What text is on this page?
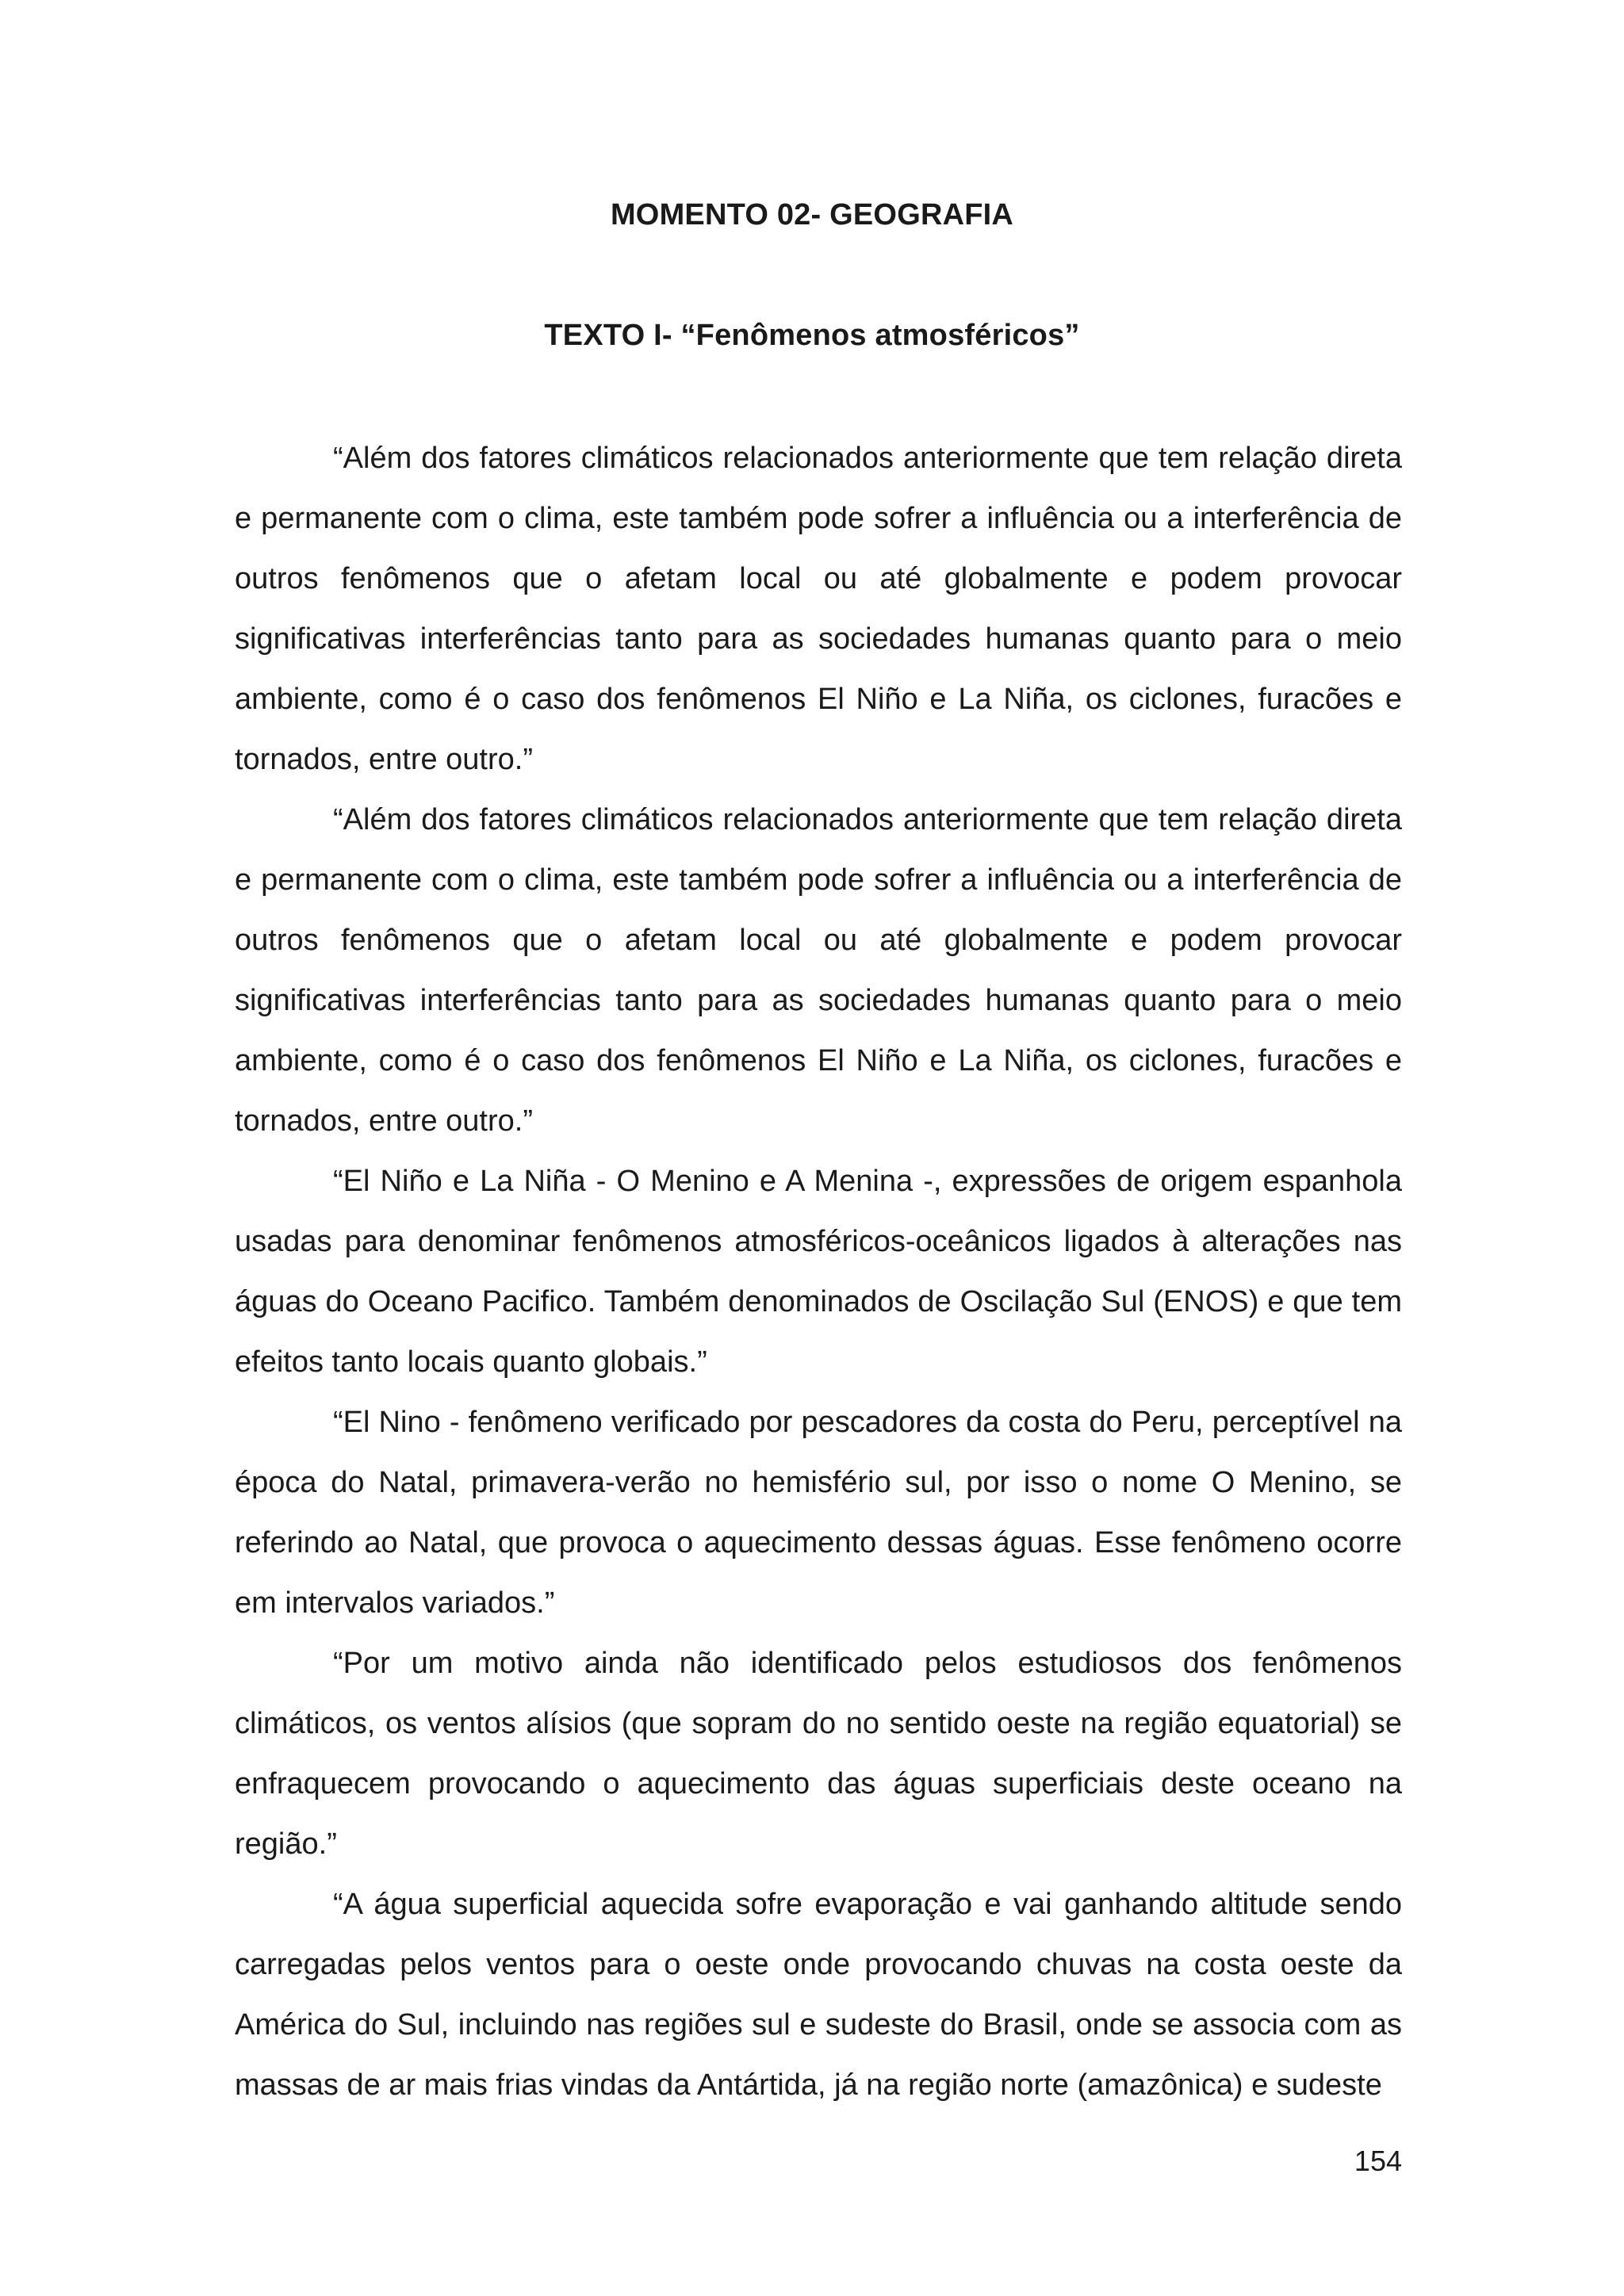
MOMENTO 02- GEOGRAFIA
TEXTO I- “Fenômenos atmosféricos”

“Além dos fatores climáticos relacionados anteriormente que tem relação direta e permanente com o clima, este também pode sofrer a influência ou a interferência de outros fenômenos que o afetam local ou até globalmente e podem provocar significativas interferências tanto para as sociedades humanas quanto para o meio ambiente, como é o caso dos fenômenos El Niño e La Niña, os ciclones, furacões e tornados, entre outro.”

“Além dos fatores climáticos relacionados anteriormente que tem relação direta e permanente com o clima, este também pode sofrer a influência ou a interferência de outros fenômenos que o afetam local ou até globalmente e podem provocar significativas interferências tanto para as sociedades humanas quanto para o meio ambiente, como é o caso dos fenômenos El Niño e La Niña, os ciclones, furacões e tornados, entre outro.”

“El Niño e La Niña - O Menino e A Menina -, expressões de origem espanhola usadas para denominar fenômenos atmosféricos-oceânicos ligados à alterações nas águas do Oceano Pacifico. Também denominados de Oscilação Sul (ENOS) e que tem efeitos tanto locais quanto globais.”

“El Nino - fenômeno verificado por pescadores da costa do Peru, perceptível na época do Natal, primavera-verão no hemisfério sul, por isso o nome O Menino, se referindo ao Natal, que provoca o aquecimento dessas águas. Esse fenômeno ocorre em intervalos variados.”

“Por um motivo ainda não identificado pelos estudiosos dos fenômenos climáticos, os ventos alísios (que sopram do no sentido oeste na região equatorial) se enfraquecem provocando o aquecimento das águas superficiais deste oceano na região.”

“A água superficial aquecida sofre evaporação e vai ganhando altitude sendo carregadas pelos ventos para o oeste onde provocando chuvas na costa oeste da América do Sul, incluindo nas regiões sul e sudeste do Brasil, onde se associa com as massas de ar mais frias vindas da Antártida, já na região norte (amazônica) e sudeste

154
